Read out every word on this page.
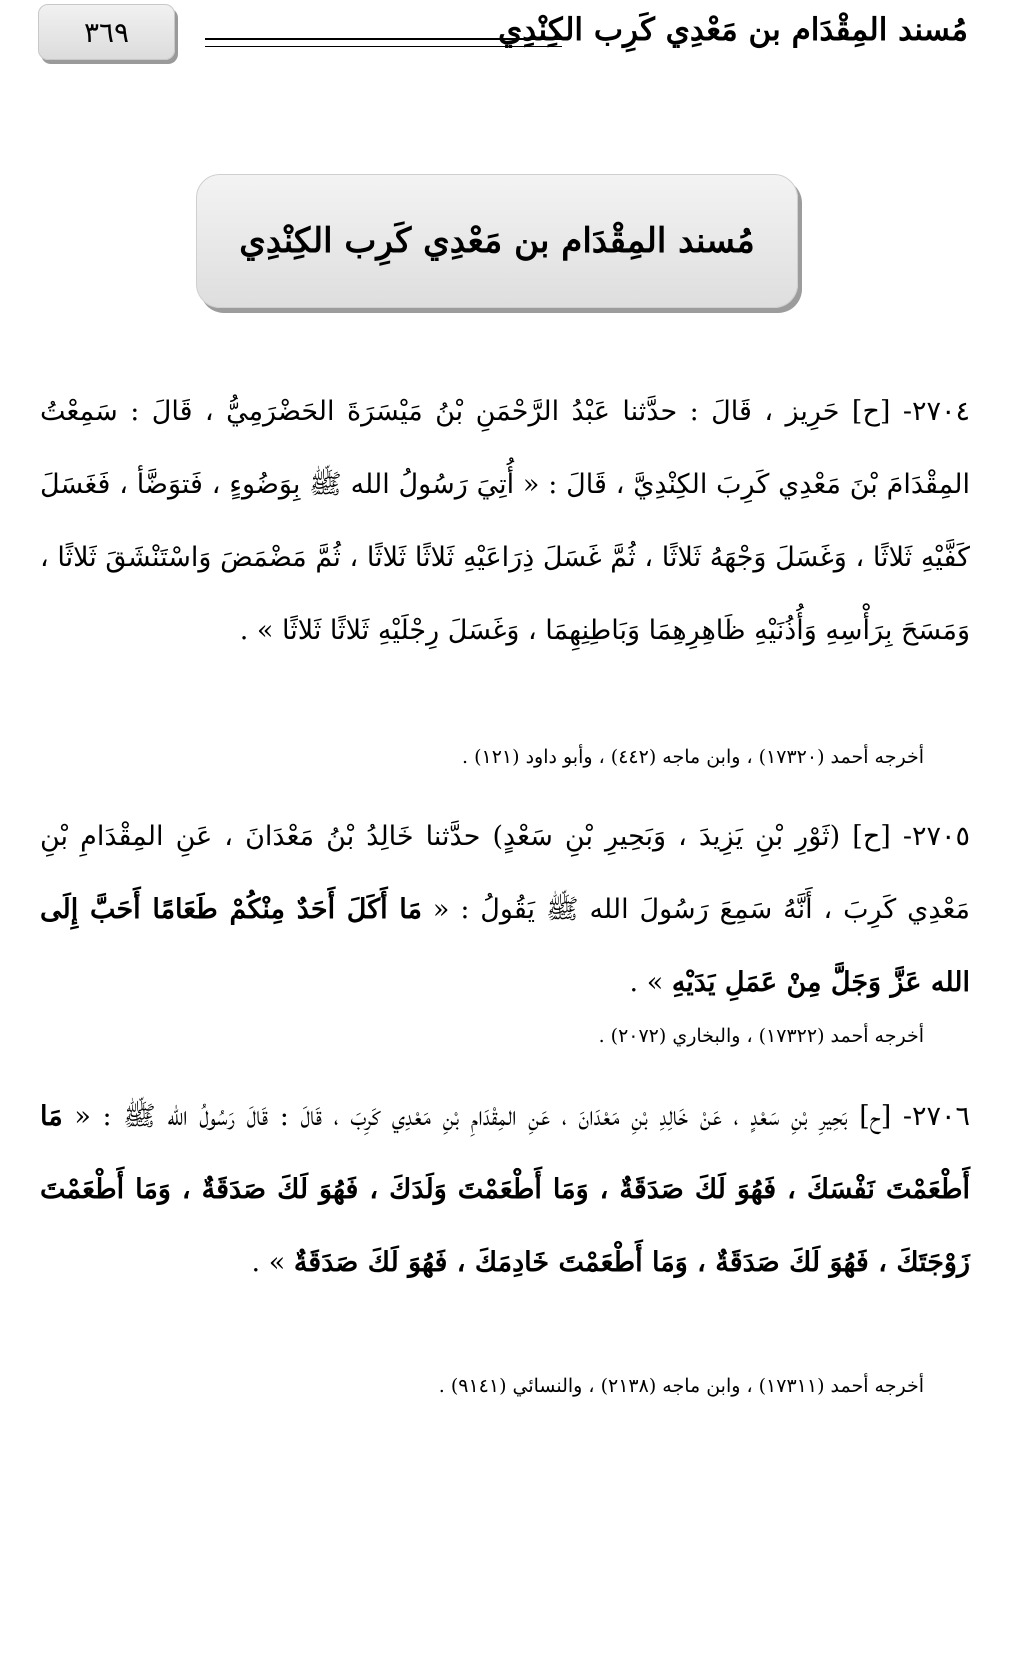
مُسند المِقْدَام بن مَعْدِي كَرِب الكِنْدِي
٣٦٩
مُسند المِقْدَام بن مَعْدِي كَرِب الكِنْدِي
٢٧٠٤- [ح] حَرِيز ، قَالَ : حدَّثنا عَبْدُ الرَّحْمَنِ بْنُ مَيْسَرَةَ الحَضْرَمِيُّ ، قَالَ : سَمِعْتُ المِقْدَامَ بْنَ مَعْدِي كَرِبَ الكِنْدِيَّ ، قَالَ : « أُتِيَ رَسُولُ الله ﷺ بِوَضُوءٍ ، فَتوَضَّأ ، فَغَسَلَ كَفَّيْهِ ثَلاثًا ، وَغَسَلَ وَجْهَهُ ثَلاثًا ، ثُمَّ غَسَلَ ذِرَاعَيْهِ ثَلاثًا ثَلاثًا ، ثُمَّ مَضْمَضَ وَاسْتَنْشَقَ ثَلاثًا ، وَمَسَحَ بِرَأْسِهِ وَأُذُنَيْهِ ظَاهِرِهِمَا وَبَاطِنِهِمَا ، وَغَسَلَ رِجْلَيْهِ ثَلاثًا ثَلاثًا » .
أخرجه أحمد (١٧٣٢٠) ، وابن ماجه (٤٤٢) ، وأبو داود (١٢١) .
٢٧٠٥- [ح] (ثَوْرِ بْنِ يَزِيدَ ، وَبَحِيرِ بْنِ سَعْدٍ) حدَّثنا خَالِدُ بْنُ مَعْدَانَ ، عَنِ المِقْدَامِ بْنِ مَعْدِي كَرِبَ ، أَنَّهُ سَمِعَ رَسُولَ الله ﷺ يَقُولُ : « مَا أَكَلَ أَحَدٌ مِنْكُمْ طَعَامًا أَحَبَّ إِلَى الله عَزَّ وَجَلَّ مِنْ عَمَلِ يَدَيْهِ » .
أخرجه أحمد (١٧٣٢٢) ، والبخاري (٢٠٧٢) .
٢٧٠٦- [ح] بَحِيرِ بْنِ سَعْدٍ ، عَنْ خَالِدِ بْنِ مَعْدَانَ ، عَنِ المِقْدَامِ بْنِ مَعْدِي كَرِبَ ، قَالَ : قَالَ رَسُولُ الله ﷺ : « مَا أَطْعَمْتَ نَفْسَكَ ، فَهُوَ لَكَ صَدَقَةٌ ، وَمَا أَطْعَمْتَ وَلَدَكَ ، فَهُوَ لَكَ صَدَقَةٌ ، وَمَا أَطْعَمْتَ زَوْجَتَكَ ، فَهُوَ لَكَ صَدَقَةٌ ، وَمَا أَطْعَمْتَ خَادِمَكَ ، فَهُوَ لَكَ صَدَقَةٌ » .
أخرجه أحمد (١٧٣١١) ، وابن ماجه (٢١٣٨) ، والنسائي (٩١٤١) .
